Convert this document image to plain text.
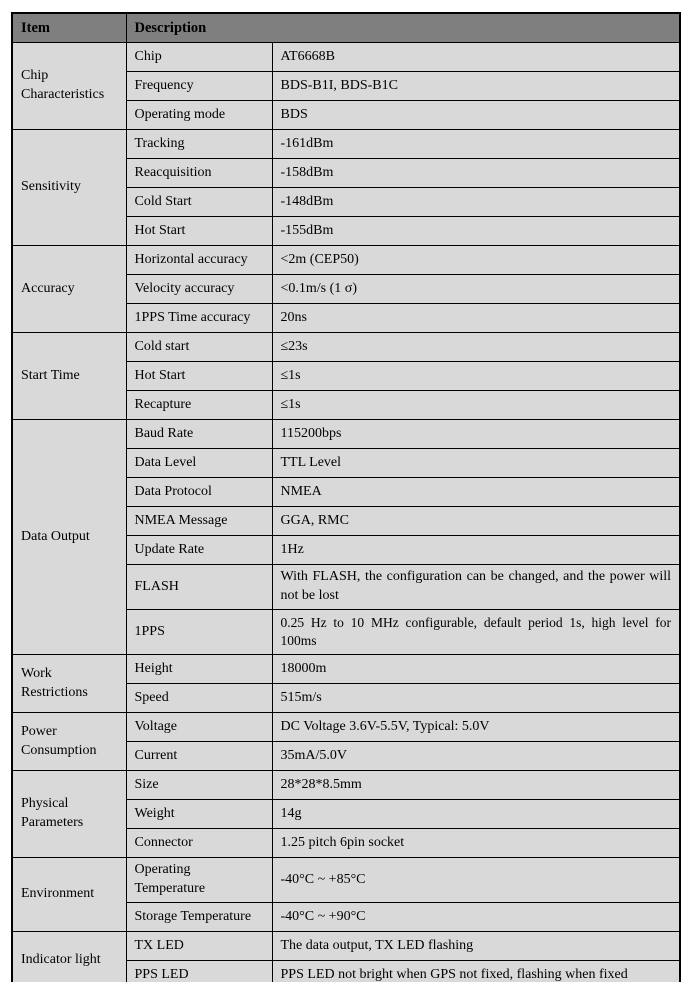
Item	Description	
Chip Characteristics	Chip	AT6668B
	Frequency	BDS-B1I, BDS-B1C
	Operating mode	BDS
Sensitivity	Tracking	-161dBm
	Reacquisition	-158dBm
	Cold Start	-148dBm
	Hot Start	-155dBm
Accuracy	Horizontal accuracy	<2m (CEP50)
	Velocity accuracy	<0.1m/s (1 σ)
	1PPS Time accuracy	20ns
Start Time	Cold start	≤23s
	Hot Start	≤1s
	Recapture	≤1s
Data Output	Baud Rate	115200bps
	Data Level	TTL Level
	Data Protocol	NMEA
	NMEA Message	GGA, RMC
	Update Rate	1Hz
	FLASH	With FLASH, the configuration can be changed, and the power will not be lost
	1PPS	0.25 Hz to 10 MHz configurable, default period 1s, high level for 100ms
Work Restrictions	Height	18000m
	Speed	515m/s
Power Consumption	Voltage	DC Voltage 3.6V-5.5V, Typical: 5.0V
	Current	35mA/5.0V
Physical Parameters	Size	28*28*8.5mm
	Weight	14g
	Connector	1.25 pitch 6pin socket
Environment	Operating Temperature	-40°C ~ +85°C
	Storage Temperature	-40°C ~ +90°C
Indicator light	TX LED	The data output, TX LED flashing
	PPS LED	PPS LED not bright when GPS not fixed, flashing when fixed
